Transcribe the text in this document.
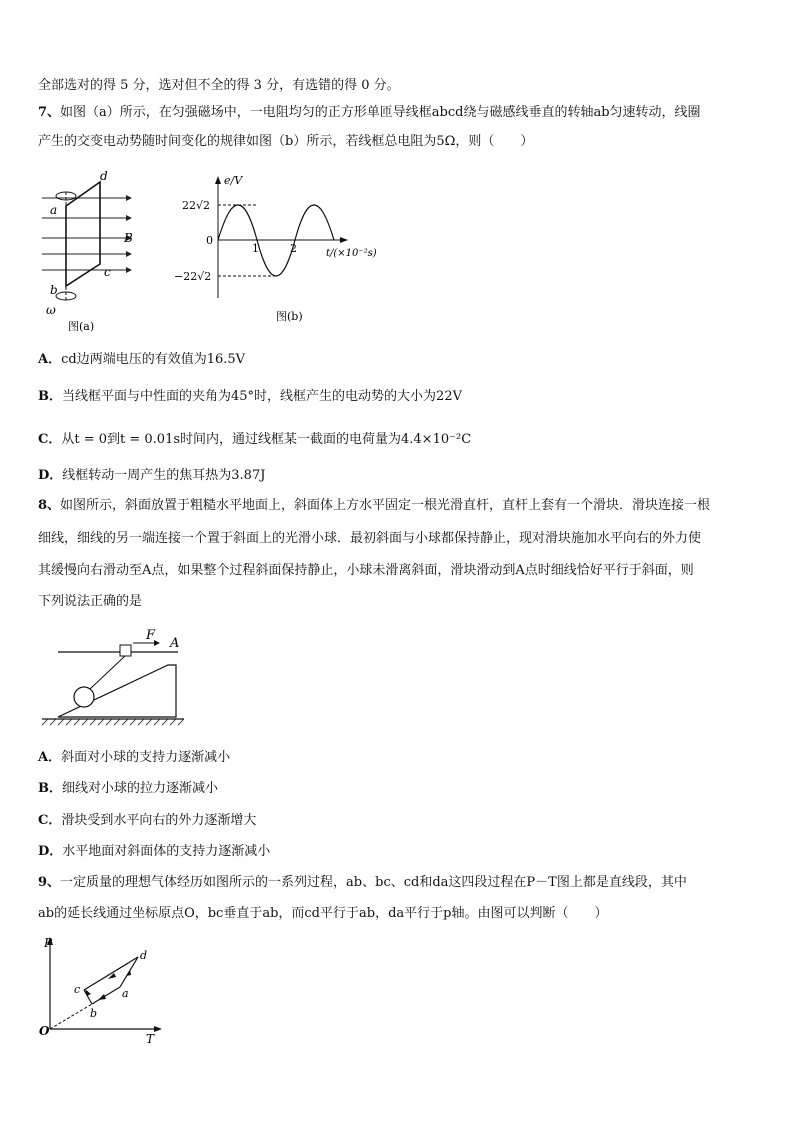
全部选对的得 5 分，选对但不全的得 3 分，有选错的得 0 分。
7、如图（a）所示，在匀强磁场中，一电阻均匀的正方形单匝导线框abcd绕与磁感线垂直的转轴ab匀速转动，线圈
产生的交变电动势随时间变化的规律如图（b）所示，若线框总电阻为5Ω，则（　　）
a
b
c
d
B
ω
图(a)
e/V
22√2
0
−22√2
1	2	t/(×10⁻²s)
图(b)
A．cd边两端电压的有效值为16.5V
B．当线框平面与中性面的夹角为45°时，线框产生的电动势的大小为22V
C．从t = 0到t = 0.01s时间内，通过线框某一截面的电荷量为4.4×10⁻²C
D．线框转动一周产生的焦耳热为3.87J
8、如图所示，斜面放置于粗糙水平地面上，斜面体上方水平固定一根光滑直杆，直杆上套有一个滑块．滑块连接一根
细线，细线的另一端连接一个置于斜面上的光滑小球．最初斜面与小球都保持静止，现对滑块施加水平向右的外力使
其缓慢向右滑动至A点，如果整个过程斜面保持静止，小球未滑离斜面，滑块滑动到A点时细线恰好平行于斜面，则
下列说法正确的是
F
A
A．斜面对小球的支持力逐渐减小
B．细线对小球的拉力逐渐减小
C．滑块受到水平向右的外力逐渐增大
D．水平地面对斜面体的支持力逐渐减小
9、一定质量的理想气体经历如图所示的一系列过程，ab、bc、cd和da这四段过程在P－T图上都是直线段，其中
ab的延长线通过坐标原点O，bc垂直于ab，而cd平行于ab，da平行于p轴。由图可以判断（　　）
P
T
O
a
b
c
d
